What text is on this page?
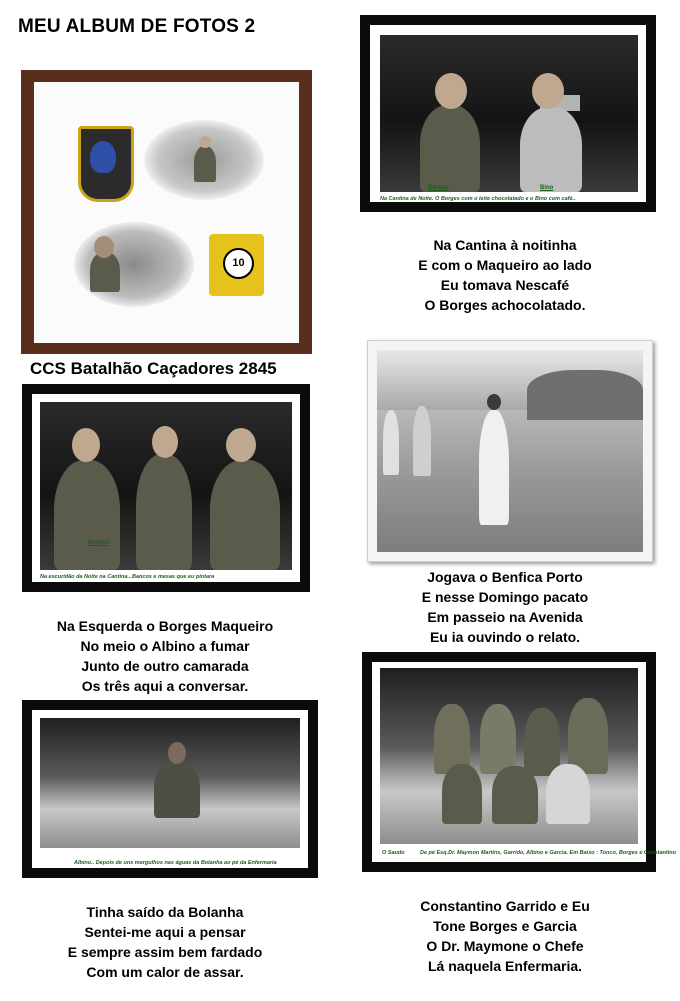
MEU ALBUM DE FOTOS 2
10
CCS Batalhão Caçadores 2845
Borges	Bino
Na Cantina de Noite. O Borges com o leite chocolatado e o Bino com café..
Na Cantina à noitinha
E com o Maqueiro ao lado
Eu tomava Nescafé
O Borges achocolatado.
Borges
Na escuridão da Noite na Cantina...Bancos e mesas que eu pintara	Jogava o Benfica Porto
E nesse Domingo pacato
Em passeio na Avenida
Eu ia ouvindo o relato.
Na Esquerda o Borges Maqueiro
No meio o Albino a fumar
Junto de outro camarada
Os três aqui a conversar.
O Saudo	De pé Esq.Dr. Maymon Martins, Garrido, Albino e Garcia. Em Baixo : Tonco, Borges e Constantino
Albino.. Depois de uns mergulhos nas águas da Bolanha ao pé da Enfermaria
Tinha saído da Bolanha
Sentei-me aqui a pensar
E sempre assim bem fardado
Com um calor de assar.
Constantino Garrido e Eu
Tone Borges e Garcia
O Dr. Maymone o Chefe
Lá naquela Enfermaria.
